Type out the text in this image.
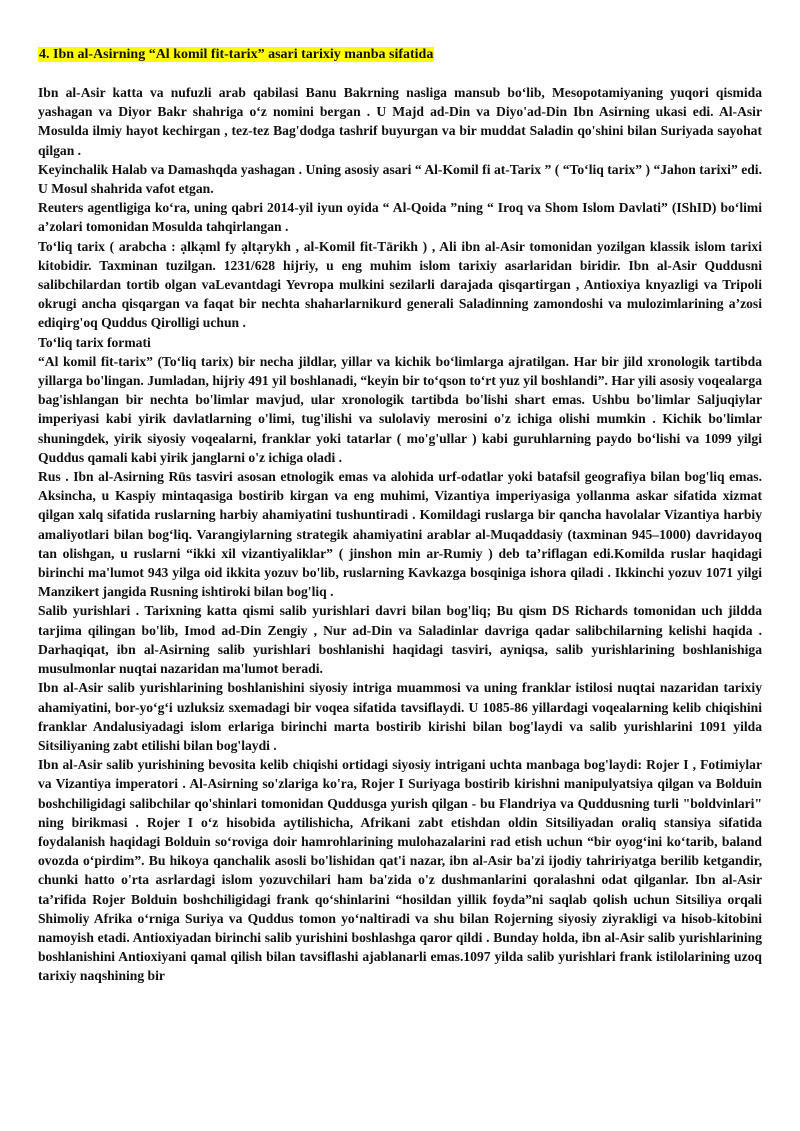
4. Ibn al-Asirning “Al komil fit-tarix” asari tarixiy manba sifatida

Ibn al-Asir katta va nufuzli arab qabilasi Banu Bakrning nasliga mansub bo‘lib, Mesopotamiyaning yuqori qismida yashagan va Diyor Bakr shahriga o‘z nomini bergan . U Majd ad-Din va Diyo'ad-Din Ibn Asirning ukasi edi. Al-Asir Mosulda ilmiy hayot kechirgan , tez-tez Bag'dodga tashrif buyurgan va bir muddat Saladin qo'shini bilan Suriyada sayohat qilgan .

Keyinchalik Halab va Damashqda yashagan . Uning asosiy asari “ Al-Komil fi at-Tarix ” ( “To‘liq tarix” ) “Jahon tarixi” edi. U Mosul shahrida vafot etgan.

Reuters agentligiga ko‘ra, uning qabri 2014-yil iyun oyida “ Al-Qoida ”ning “ Iroq va Shom Islom Davlati” (IShID) bo‘limi a’zolari tomonidan Mosulda tahqirlangan .

To‘liq tarix ( arabcha : ạlkạml fy ạltạrykh , al-Komil fit-Tārikh ) , Ali ibn al-Asir tomonidan yozilgan klassik islom tarixi kitobidir. Taxminan tuzilgan. 1231/628 hijriy, u eng muhim islom tarixiy asarlaridan biridir. Ibn al-Asir Quddusni salibchilardan tortib olgan vaLevantdagi Yevropa mulkini sezilarli darajada qisqartirgan , Antioxiya knyazligi va Tripoli okrugi ancha qisqargan va faqat bir nechta shaharlarnikurd generali Saladinning zamondoshi va mulozimlarining a’zosi ediqirg'oq Quddus Qirolligi uchun .

To‘liq tarix formati

“Al komil fit-tarix” (To‘liq tarix) bir necha jildlar, yillar va kichik bo‘limlarga ajratilgan. Har bir jild xronologik tartibda yillarga bo'lingan. Jumladan, hijriy 491 yil boshlanadi, “keyin bir to‘qson to‘rt yuz yil boshlandi”. Har yili asosiy voqealarga bag'ishlangan bir nechta bo'limlar mavjud, ular xronologik tartibda bo'lishi shart emas. Ushbu bo'limlar Saljuqiylar imperiyasi kabi yirik davlatlarning o'limi, tug'ilishi va sulolaviy merosini o'z ichiga olishi mumkin . Kichik bo'limlar shuningdek, yirik siyosiy voqealarni, franklar yoki tatarlar ( mo'g'ullar ) kabi guruhlarning paydo bo‘lishi va 1099 yilgi Quddus qamali kabi yirik janglarni o'z ichiga oladi .

Rus . Ibn al-Asirning Rūs tasviri asosan etnologik emas va alohida urf-odatlar yoki batafsil geografiya bilan bog'liq emas. Aksincha, u Kaspiy mintaqasiga bostirib kirgan va eng muhimi, Vizantiya imperiyasiga yollanma askar sifatida xizmat qilgan xalq sifatida ruslarning harbiy ahamiyatini tushuntiradi . Komildagi ruslarga bir qancha havolalar Vizantiya harbiy amaliyotlari bilan bog‘liq. Varangiylarning strategik ahamiyatini arablar al-Muqaddasiy (taxminan 945–1000) davridayoq tan olishgan, u ruslarni “ikki xil vizantiyaliklar” ( jinshon min ar-Rumiy ) deb ta’riflagan edi.Komilda ruslar haqidagi birinchi ma'lumot 943 yilga oid ikkita yozuv bo'lib, ruslarning Kavkazga bosqiniga ishora qiladi . Ikkinchi yozuv 1071 yilgi Manzikert jangida Rusning ishtiroki bilan bog'liq .

Salib yurishlari . Tarixning katta qismi salib yurishlari davri bilan bog'liq; Bu qism DS Richards tomonidan uch jildda tarjima qilingan bo'lib, Imod ad-Din Zengiy , Nur ad-Din va Saladinlar davriga qadar salibchilarning kelishi haqida . Darhaqiqat, ibn al-Asirning salib yurishlari boshlanishi haqidagi tasviri, ayniqsa, salib yurishlarining boshlanishiga musulmonlar nuqtai nazaridan ma'lumot beradi.

Ibn al-Asir salib yurishlarining boshlanishini siyosiy intriga muammosi va uning franklar istilosi nuqtai nazaridan tarixiy ahamiyatini, bor-yo‘g‘i uzluksiz sxemadagi bir voqea sifatida tavsiflaydi. U 1085-86 yillardagi voqealarning kelib chiqishini franklar Andalusiyadagi islom erlariga birinchi marta bostirib kirishi bilan bog'laydi va salib yurishlarini 1091 yilda Sitsiliyaning zabt etilishi bilan bog'laydi .

Ibn al-Asir salib yurishining bevosita kelib chiqishi ortidagi siyosiy intrigani uchta manbaga bog'laydi: Rojer I , Fotimiylar va Vizantiya imperatori . Al-Asirning so'zlariga ko'ra, Rojer I Suriyaga bostirib kirishni manipulyatsiya qilgan va Bolduin boshchiligidagi salibchilar qo'shinlari tomonidan Quddusga yurish qilgan - bu Flandriya va Quddusning turli "boldvinlari" ning birikmasi . Rojer I o‘z hisobida aytilishicha, Afrikani zabt etishdan oldin Sitsiliyadan oraliq stansiya sifatida foydalanish haqidagi Bolduin so‘roviga doir hamrohlarining mulohazalarini rad etish uchun “bir oyog‘ini ko‘tarib, baland ovozda o‘pirdim”. Bu hikoya qanchalik asosli bo'lishidan qat'i nazar, ibn al-Asir ba'zi ijodiy tahririyatga berilib ketgandir, chunki hatto o'rta asrlardagi islom yozuvchilari ham ba'zida o'z dushmanlarini qoralashni odat qilganlar. Ibn al-Asir ta’rifida Rojer Bolduin boshchiligidagi frank qo‘shinlarini “hosildan yillik foyda”ni saqlab qolish uchun Sitsiliya orqali Shimoliy Afrika o‘rniga Suriya va Quddus tomon yo‘naltiradi va shu bilan Rojerning siyosiy ziyrakligi va hisob-kitobini namoyish etadi. Antioxiyadan birinchi salib yurishini boshlashga qaror qildi . Bunday holda, ibn al-Asir salib yurishlarining boshlanishini Antioxiyani qamal qilish bilan tavsiflashi ajablanarli emas.1097 yilda salib yurishlari frank istilolarining uzoq tarixiy naqshining bir
